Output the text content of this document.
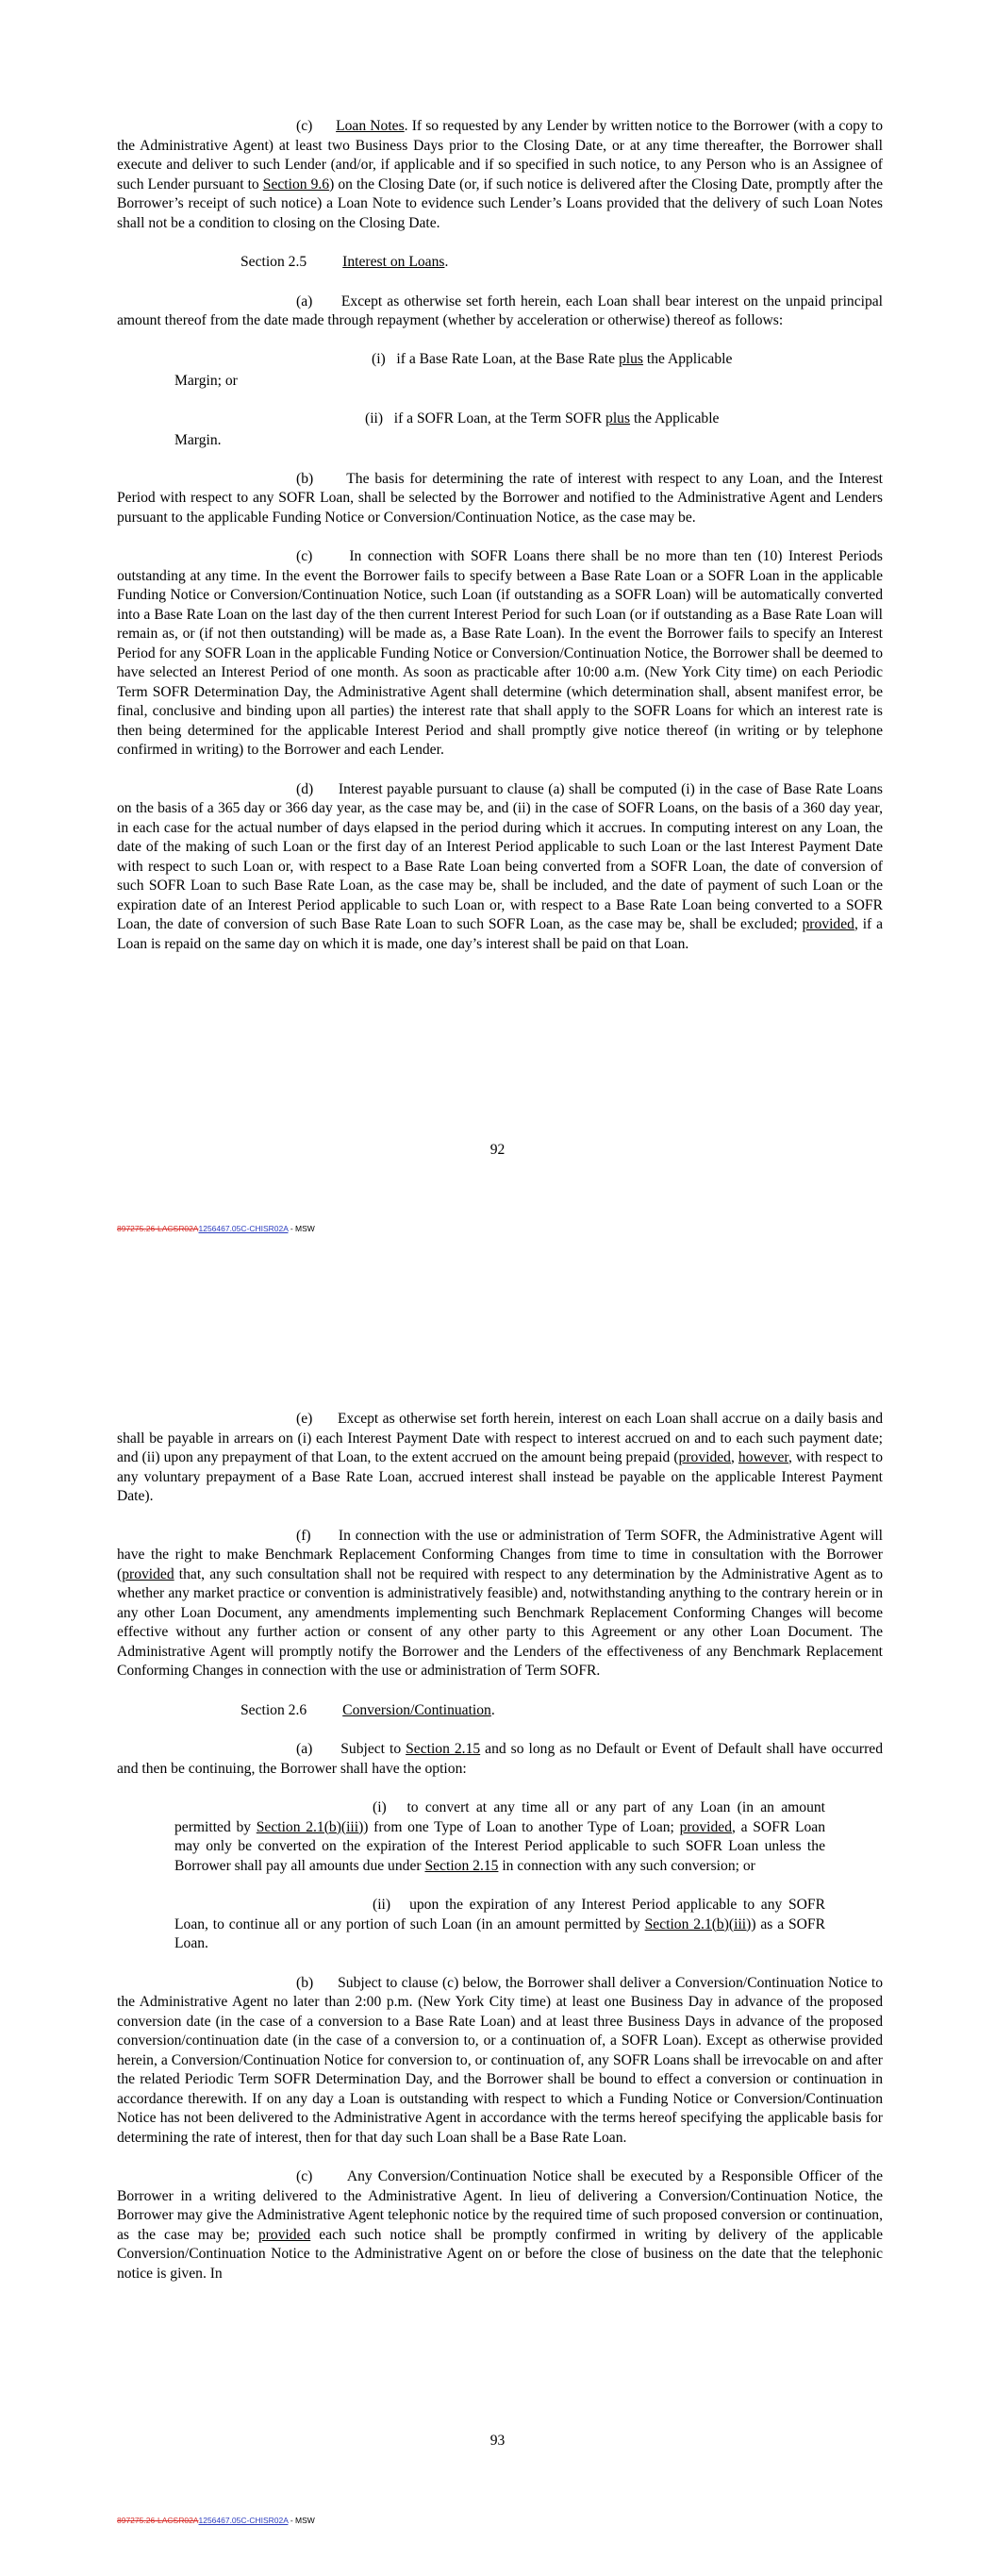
(c) Loan Notes. If so requested by any Lender by written notice to the Borrower (with a copy to the Administrative Agent) at least two Business Days prior to the Closing Date, or at any time thereafter, the Borrower shall execute and deliver to such Lender (and/or, if applicable and if so specified in such notice, to any Person who is an Assignee of such Lender pursuant to Section 9.6) on the Closing Date (or, if such notice is delivered after the Closing Date, promptly after the Borrower’s receipt of such notice) a Loan Note to evidence such Lender’s Loans provided that the delivery of such Loan Notes shall not be a condition to closing on the Closing Date.

Section 2.5 Interest on Loans.

(a)      Except as otherwise set forth herein, each Loan shall bear interest on the unpaid principal amount thereof from the date made through repayment (whether by acceleration or otherwise) thereof as follows:

(i)   if a Base Rate Loan, at the Base Rate plus the Applicable

Margin; or

(ii)   if a SOFR Loan, at the Term SOFR plus the Applicable

Margin.

(b)      The basis for determining the rate of interest with respect to any Loan, and the Interest Period with respect to any SOFR Loan, shall be selected by the Borrower and notified to the Administrative Agent and Lenders pursuant to the applicable Funding Notice or Conversion/Continuation Notice, as the case may be.

(c)      In connection with SOFR Loans there shall be no more than ten (10) Interest Periods outstanding at any time. In the event the Borrower fails to specify between a Base Rate Loan or a SOFR Loan in the applicable Funding Notice or Conversion/Continuation Notice, such Loan (if outstanding as a SOFR Loan) will be automatically converted into a Base Rate Loan on the last day of the then current Interest Period for such Loan (or if outstanding as a Base Rate Loan will remain as, or (if not then outstanding) will be made as, a Base Rate Loan). In the event the Borrower fails to specify an Interest Period for any SOFR Loan in the applicable Funding Notice or Conversion/Continuation Notice, the Borrower shall be deemed to have selected an Interest Period of one month. As soon as practicable after 10:00 a.m. (New York City time) on each Periodic Term SOFR Determination Day, the Administrative Agent shall determine (which determination shall, absent manifest error, be final, conclusive and binding upon all parties) the interest rate that shall apply to the SOFR Loans for which an interest rate is then being determined for the applicable Interest Period and shall promptly give notice thereof (in writing or by telephone confirmed in writing) to the Borrower and each Lender.

(d)      Interest payable pursuant to clause (a) shall be computed (i) in the case of Base Rate Loans on the basis of a 365 day or 366 day year, as the case may be, and (ii) in the case of SOFR Loans, on the basis of a 360 day year, in each case for the actual number of days elapsed in the period during which it accrues. In computing interest on any Loan, the date of the making of such Loan or the first day of an Interest Period applicable to such Loan or the last Interest Payment Date with respect to such Loan or, with respect to a Base Rate Loan being converted from a SOFR Loan, the date of conversion of such SOFR Loan to such Base Rate Loan, as the case may be, shall be included, and the date of payment of such Loan or the expiration date of an Interest Period applicable to such Loan or, with respect to a Base Rate Loan being converted to a SOFR Loan, the date of conversion of such Base Rate Loan to such SOFR Loan, as the case may be, shall be excluded; provided, if a Loan is repaid on the same day on which it is made, one day’s interest shall be paid on that Loan.

92
897275.26-LACSR02A1256467.05C-CHISR02A - MSW

(e)      Except as otherwise set forth herein, interest on each Loan shall accrue on a daily basis and shall be payable in arrears on (i) each Interest Payment Date with respect to interest accrued on and to each such payment date; and (ii) upon any prepayment of that Loan, to the extent accrued on the amount being prepaid (provided, however, with respect to any voluntary prepayment of a Base Rate Loan, accrued interest shall instead be payable on the applicable Interest Payment Date).

(f)      In connection with the use or administration of Term SOFR, the Administrative Agent will have the right to make Benchmark Replacement Conforming Changes from time to time in consultation with the Borrower (provided that, any such consultation shall not be required with respect to any determination by the Administrative Agent as to whether any market practice or convention is administratively feasible) and, notwithstanding anything to the contrary herein or in any other Loan Document, any amendments implementing such Benchmark Replacement Conforming Changes will become effective without any further action or consent of any other party to this Agreement or any other Loan Document. The Administrative Agent will promptly notify the Borrower and the Lenders of the effectiveness of any Benchmark Replacement Conforming Changes in connection with the use or administration of Term SOFR.

Section 2.6 Conversion/Continuation.

(a)      Subject to Section 2.15 and so long as no Default or Event of Default shall have occurred and then be continuing, the Borrower shall have the option:

(i)   to convert at any time all or any part of any Loan (in an amount permitted by Section 2.1(b)(iii)) from one Type of Loan to another Type of Loan; provided, a SOFR Loan may only be converted on the expiration of the Interest Period applicable to such SOFR Loan unless the Borrower shall pay all amounts due under Section 2.15 in connection with any such conversion; or

(ii)   upon the expiration of any Interest Period applicable to any SOFR Loan, to continue all or any portion of such Loan (in an amount permitted by Section 2.1(b)(iii)) as a SOFR Loan.

(b)      Subject to clause (c) below, the Borrower shall deliver a Conversion/Continuation Notice to the Administrative Agent no later than 2:00 p.m. (New York City time) at least one Business Day in advance of the proposed conversion date (in the case of a conversion to a Base Rate Loan) and at least three Business Days in advance of the proposed conversion/continuation date (in the case of a conversion to, or a continuation of, a SOFR Loan). Except as otherwise provided herein, a Conversion/Continuation Notice for conversion to, or continuation of, any SOFR Loans shall be irrevocable on and after the related Periodic Term SOFR Determination Day, and the Borrower shall be bound to effect a conversion or continuation in accordance therewith. If on any day a Loan is outstanding with respect to which a Funding Notice or Conversion/Continuation Notice has not been delivered to the Administrative Agent in accordance with the terms hereof specifying the applicable basis for determining the rate of interest, then for that day such Loan shall be a Base Rate Loan.

(c)      Any Conversion/Continuation Notice shall be executed by a Responsible Officer of the Borrower in a writing delivered to the Administrative Agent. In lieu of delivering a Conversion/Continuation Notice, the Borrower may give the Administrative Agent telephonic notice by the required time of such proposed conversion or continuation, as the case may be; provided each such notice shall be promptly confirmed in writing by delivery of the applicable Conversion/Continuation Notice to the Administrative Agent on or before the close of business on the date that the telephonic notice is given. In

93
897275.26-LACSR02A1256467.05C-CHISR02A - MSW
